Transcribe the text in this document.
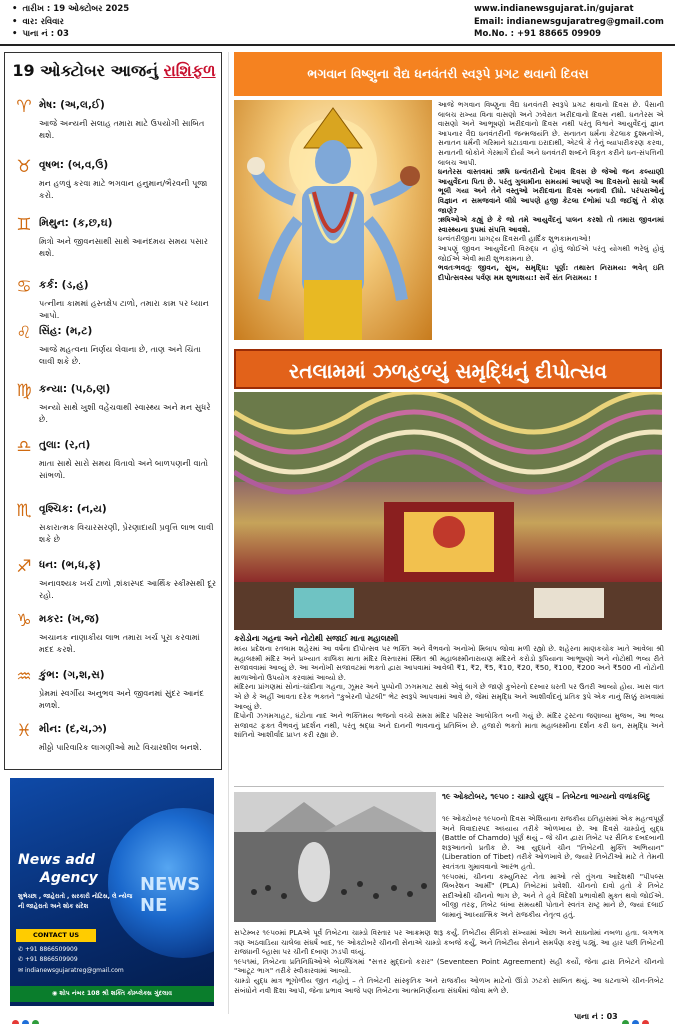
• તારીખ : 19 ઓક્ટોબર 2025
• વાર: રવિવાર
• પાના નં : 03
www.indianewsgujarat.in/gujarat
Email: indianewsgujaratreg@gmail.com
Mo.No. : +91 88665 09909
19 ઓક્ટોબર આજનું રાશિફળ
♈ મેષ: (અ,લ,ઈ)
આજે અન્યની સલાહ તમારા માટે ઉપયોગી સાબિત થશે.
♉ વૃષભ: (બ,વ,ઉ)
મન હળવું કરવા માટે ભગવાન હનુમાન/ભૈરવની પૂજા કરો.
♊ મિથુન: (ક,છ,ઘ)
મિત્રો અને જીવનસાથી સાથે આનંદમય સમય પસાર થશે.
♋ કર્ક: (ડ,હ)
પત્નીના કામમાં હસ્તક્ષેપ ટાળો, તમારા કામ પર ધ્યાન આપો.
♌ સિંહ: (મ,ટ)
આજે મહત્વના નિર્ણય લેવાના છે, તાણ અને ચિંતા લાવી શકે છે.
♍ કન્યા: (પ,ઠ,ણ)
અન્યો સાથે ખુશી વહેંચવાથી સ્વાસ્થ્ય અને મન સુધરે છે.
♎ તુલા: (ર,ત)
માતા સાથે સારો સમય વિતાવો અને બાળપણની વાતો સાંભળો.
♏ વૃશ્ચિક: (ન,ય)
સકારાત્મક વિચારસરણી, પ્રેરણાદાયી પ્રવૃત્તિ લાભ લાવી શકે છે
♐ ધન: (ભ,ધ,ફ)
અનાવશ્યક ખર્ચ ટાળો ,શંકાસ્પદ આર્થિક સ્કીમ્સથી દૂર રહો.
♑ મકર: (ખ,જ)
અચાનક નાણાકીય લાભ તમારા ખર્ચ પૂરા કરવામાં મદદ કરશે.
♒ કુંભ: (ગ,શ,સ)
પ્રેમમાં સ્વર્ગીય અનુભવ અને જીવનમાં સુંદર આનંદ મળશે.
♓ મીન: (દ,ચ,ઝ)
મીઠ્ઠો પારિવારિક લાગણીઓ માટે વિચારશીલ બનશે.
NEWS NE
News add
Agency
શુભેચ્છા , જાહેરાતો , સરકારી નોટિસ, લે ન્યેજ ની જાહેરાતો અને શોક સંદેશ
CONTACT US
✆ +91 8866509909
✆ +91 8866509909
✉ indianewsgujaratreg@gmail.com
◉ શોપ નંબર 108 શ્રી શક્તિ કોમ્પ્લેક્સ ગુંદલાવ
ભગવાન વિષ્ણુના વૈદ્ય ધનવંતરી સ્વરૂપે પ્રગટ થવાનો દિવસ

આજે ભગવાન વિષ્ણુના વૈદ્ય ધનવંતરી સ્વરૂપે પ્રગટ થવાનો દિવસ છે. પૈસાની લાલચ રાખ્યા વિના વાસણો અને ઝવેરાત ખરીદવાનો દિવસ નથી. ધનતેરસ એ વાસણો અને આભૂષણો ખરીદવાનો દિવસ નથી પરંતુ વિશ્વને આયુર્વેદનું જ્ઞાન આપનાર વૈદ્ય ધનવંતરીની જન્મજયંતિ છે. સનાતન ધર્મના કેટલાક દુશ્મનોએ, સનાતન ધર્મની ગરિમાને ઘટાડવાના ઇરાદાથી, એટલે કે તેનું વ્યાપારીકરણ કરવા, સનાતની લોકોને ગેરમાર્ગે દોર્યા અને ધનવંતરી શબ્દને વિકૃત કરીને ધન-સંપત્તિની લાલચ આપી.

ધનતેરસ વાસ્તવમાં ઋષિ ધન્વંતરીનો દેખાવ દિવસ છે જેઓ જન કલ્યાણી આયુર્વેદના પિતા છે. પરંતુ ગુલામીના સમયમાં આપણે આ દિવસનો સાચો અર્થ ભૂલી ગયા અને તેને વસ્તુઓ ખરીદવાના દિવસ બનાવી દીધો. પરંપરાઓનું વિજ્ઞાન ન સમજવાને લીધે આપણે હજી કેટલા દંભોમાં પડી જઈશું તે કોણ જાણે?

ઋષિઓએ કહ્યું છે કે જો તમે આયુર્વેદનું પાલન કરશો તો તમારા જીવનમાં સ્વાસ્થ્યના રૂપમાં સંપત્તિ આવશે.

ધન્વંતરીજીના પ્રાગટ્ય દિવસની હાર્દિક શુભકામનાઓ!

આપણું જીવન આયુર્વેદની વિરુદ્ધ ન હોવું જોઈએ પરંતુ યોગથી ભરેલું હોવું જોઈએ એવી મારી શુભકામના છે.

ભવતઃભવતુઃ જીવન, સુખ, સમૃદ્ધિ: પૂર્ણ: તથાસ્ત નિરામય: ભવેત્ ઇતિ દીપોત્સવસ્ય પર્વણ મમ શુભાશય:! સર્વે સંત નિરામય: !

રતલામમાં ઝળહળ્યું સમૃદ્ધિનું દીપોત્સવ
કરોડોના ગહના અને નોટોથી સજાઈ માતા મહાલક્ષ્મી

મધ્ય પ્રદેશના રતલામ શહેરમાં આ વર્ષના દીપોત્સવ પર ભક્તિ અને વૈભવનો અનોખો મિલાપ જોવા મળી રહ્યો છે. શહેરના માણકચોક ખાતે આવેલા શ્રી મહાલક્ષ્મી મંદિર અને પ્રખ્યાત કાલિકા માતા મંદિર વિસ્તારમાં સ્થિત શ્રી મહાલક્ષ્મીનારાયણ મંદિરને કરોડો રૂપિયાના આભૂષણો અને નોટોથી ભવ્ય રીતે સજાવવામાં આવ્યું છે. આ અનોખી સજાવટમાં ભક્તો દ્વારા આપવામાં આવેલી ₹1, ₹2, ₹5, ₹10, ₹20, ₹50, ₹100, ₹200 અને ₹500 ની નોટોની માળાઓનો ઉપયોગ કરવામાં આવ્યો છે.

મંદિરના પ્રાંગણમાં સોનાં-ચાંદીના ગહના, ઝૂમર અને પુષ્પોની ઝગમગાટ સાથે એવું લાગે છે જાણે કુબેરનો દરબાર ધરતી પર ઉતરી આવ્યો હોય. ખાસ વાત એ છે કે અહીં આવતા દરેક ભક્તને "કુબેરની પોટલી" ભેટ સ્વરૂપે આપવામાં આવે છે, જેમાં સમૃદ્ધિ અને આશીર્વાદનું પ્રતિક રૂપે એક નાનું સિક્કું રાખવામાં આવ્યું છે.

દિપોની ઝગમગાહટ, ઘંટોના નાદ અને ભક્તિમય ભજનો વચ્ચે સમગ્ર મંદિર પરિસર આલોકિત બની ગયું છે. મંદિર ટ્રસ્ટના જણાવ્યા મુજબ, આ ભવ્ય સજાવટ ફક્ત વૈભવનું પ્રદર્શન નથી, પરંતુ શ્રદ્ધા અને દાનની ભાવનાનું પ્રતિબિંબ છે. હજારો ભક્તો માતા મહાલક્ષ્મીના દર્શન કરી ધન, સમૃદ્ધિ અને શાંતિનો આશીર્વાદ પ્રાપ્ત કરી રહ્યા છે.

૧૯ ઓક્ટોબર, ૧૯૫૦ : ચામ્ડો યુદ્ધ – તિબેટના ભાગ્યનો વળાંકબિંદુ

૧૯ ઓક્ટોબર ૧૯૫૦નો દિવસ એશિયાના રાજકીય ઇતિહાસમાં એક મહત્વપૂર્ણ અને વિવાદાસ્પદ અધ્યાય તરીકે ઓળખાય છે. આ દિવસે ચામ્ડોનું યુદ્ધ (Battle of Chamdo) પૂર્ણ થયું – જે ચીન દ્વારા તિબેટ પર સૈનિક દબદબાની શરૂઆતનો પ્રતીક છે. આ યુદ્ધને ચીન "તિબેટની મુક્તિ અભિયાન" (Liberation of Tibet) તરીકે ઓળખાવે છે, જ્યારે તિબેટીઓ માટે તે તેમની સ્વતંત્રતા ગુમાવવાનો આરંભ હતો.

૧૯૫૦માં, ચીનના કમ્યુનિસ્ટ નેતા માઓ ત્સે તુંગના આદેશથી "પીપલ્સ લિબરેશન આર્મી" (PLA) તિબેટમાં પ્રવેશી. ચીનનો દાવો હતો કે તિબેટ સદીઓથી ચીનનો ભાગ છે, અને તે હવે વિદેશી પ્રભાવોથી મુક્ત થવો જોઈએ. બીજી તરફ, તિબેટ લાંબા સમયથી પોતાને સ્વતંત્ર રાષ્ટ્ર માને છે, જ્યાં દલાઈ લામાનું આધ્યાત્મિક અને રાજકીય નેતૃત્વ હતું.

સપ્ટેમ્બર ૧૯૫૦માં PLAએ પૂર્વ તિબેટના ચામ્ડો વિસ્તાર પર આક્રમણ શરૂ કર્યું. તિબેટીય સૈનિકો સંખ્યામાં ઓછા અને સાધનોમાં નબળા હતા. લગભગ ત્રણ અઠવાડિયા ચાલેલા સંઘર્ષ બાદ, ૧૯ ઓક્ટોબરે ચીનની સેનાએ ચામ્ડો કબજે કર્યું, અને તિબેટીય સેનાને સમર્પણ કરવું પડ્યું. આ હાર પછી તિબેટની રાજધાની લ્હાસા પર ચીની દબાણ ઝડપી વધ્યું.

૧૯૫૧માં, તિબેટના પ્રતિનિધિઓએ બેઇજિંગમાં "સત્તર મુદ્દાનો કરાર" (Seventeen Point Agreement) સહી કર્યો, જેના દ્વારા તિબેટને ચીનનો "આટૂટ ભાગ" તરીકે સ્વીકારવામાં આવ્યો.

ચામ્ડો યુદ્ધ માત્ર ભૂગોળીય જીત નહોતું – તે તિબેટની સાંસ્કૃતિક અને રાજકીય ઓળખ માટેનો ઊંડો ઝટકો સાબિત થયું. આ ઘટનાએ ચીન-તિબેટ સંબંધોને નવી દિશા આપી, જેના પ્રભાવ આજે પણ તિબેટના આત્મનિર્ણયના સંઘર્ષમાં જોવા મળે છે.

પાના નં : 03
